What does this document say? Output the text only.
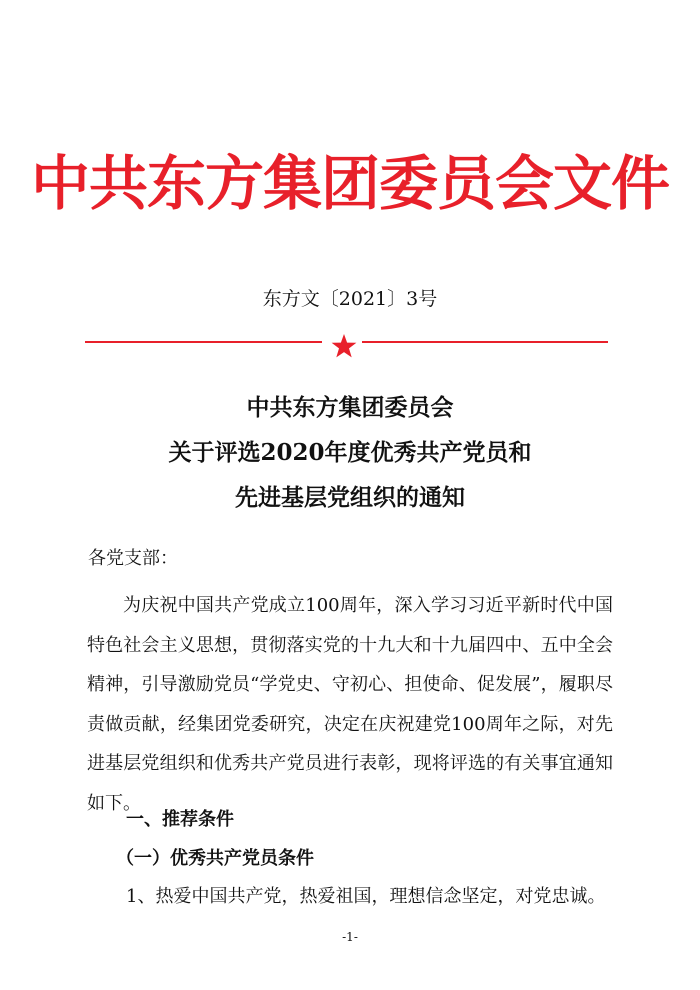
中共东方集团委员会文件
东方文〔2021〕3号
中共东方集团委员会
关于评选2020年度优秀共产党员和
先进基层党组织的通知
各党支部：
为庆祝中国共产党成立100周年，深入学习习近平新时代中国特色社会主义思想，贯彻落实党的十九大和十九届四中、五中全会精神，引导激励党员“学党史、守初心、担使命、促发展”，履职尽责做贡献，经集团党委研究，决定在庆祝建党100周年之际，对先进基层党组织和优秀共产党员进行表彰，现将评选的有关事宜通知如下。
一、推荐条件
（一）优秀共产党员条件
1、热爱中国共产党，热爱祖国，理想信念坚定，对党忠诚。
-1-
